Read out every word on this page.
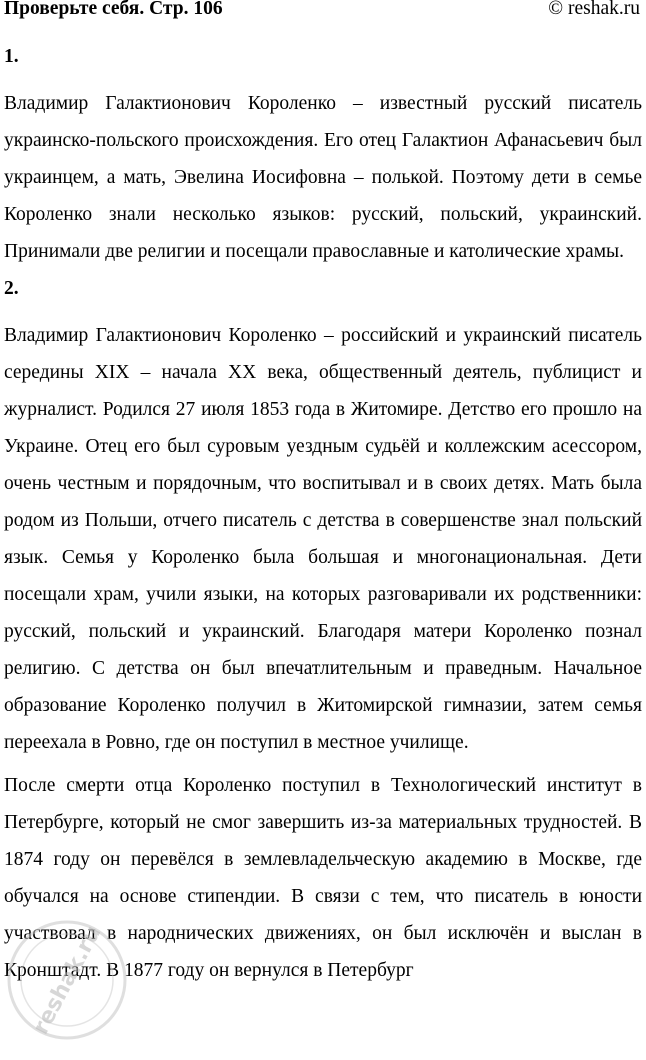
Проверьте себя. Стр. 106	© reshak.ru
1.

Владимир Галактионович Короленко – известный русский писатель украинско-польского происхождения. Его отец Галактион Афанасьевич был украинцем, а мать, Эвелина Иосифовна – полькой. Поэтому дети в семье Короленко знали несколько языков: русский, польский, украинский. Принимали две религии и посещали православные и католические храмы.

2.

Владимир Галактионович Короленко – российский и украинский писатель середины XIX – начала XX века, общественный деятель, публицист и журналист. Родился 27 июля 1853 года в Житомире. Детство его прошло на Украине. Отец его был суровым уездным судьёй и коллежским асессором, очень честным и порядочным, что воспитывал и в своих детях. Мать была родом из Польши, отчего писатель с детства в совершенстве знал польский язык. Семья у Короленко была большая и многонациональная. Дети посещали храм, учили языки, на которых разговаривали их родственники: русский, польский и украинский. Благодаря матери Короленко познал религию. С детства он был впечатлительным и праведным. Начальное образование Короленко получил в Житомирской гимназии, затем семья переехала в Ровно, где он поступил в местное училище.

После смерти отца Короленко поступил в Технологический институт в Петербурге, который не смог завершить из-за материальных трудностей. В 1874 году он перевёлся в землевладельческую академию в Москве, где обучался на основе стипендии. В связи с тем, что писатель в юности участвовал в народнических движениях, он был исключён и выслан в Кронштадт. В 1877 году он вернулся в Петербург

reshak.ru
